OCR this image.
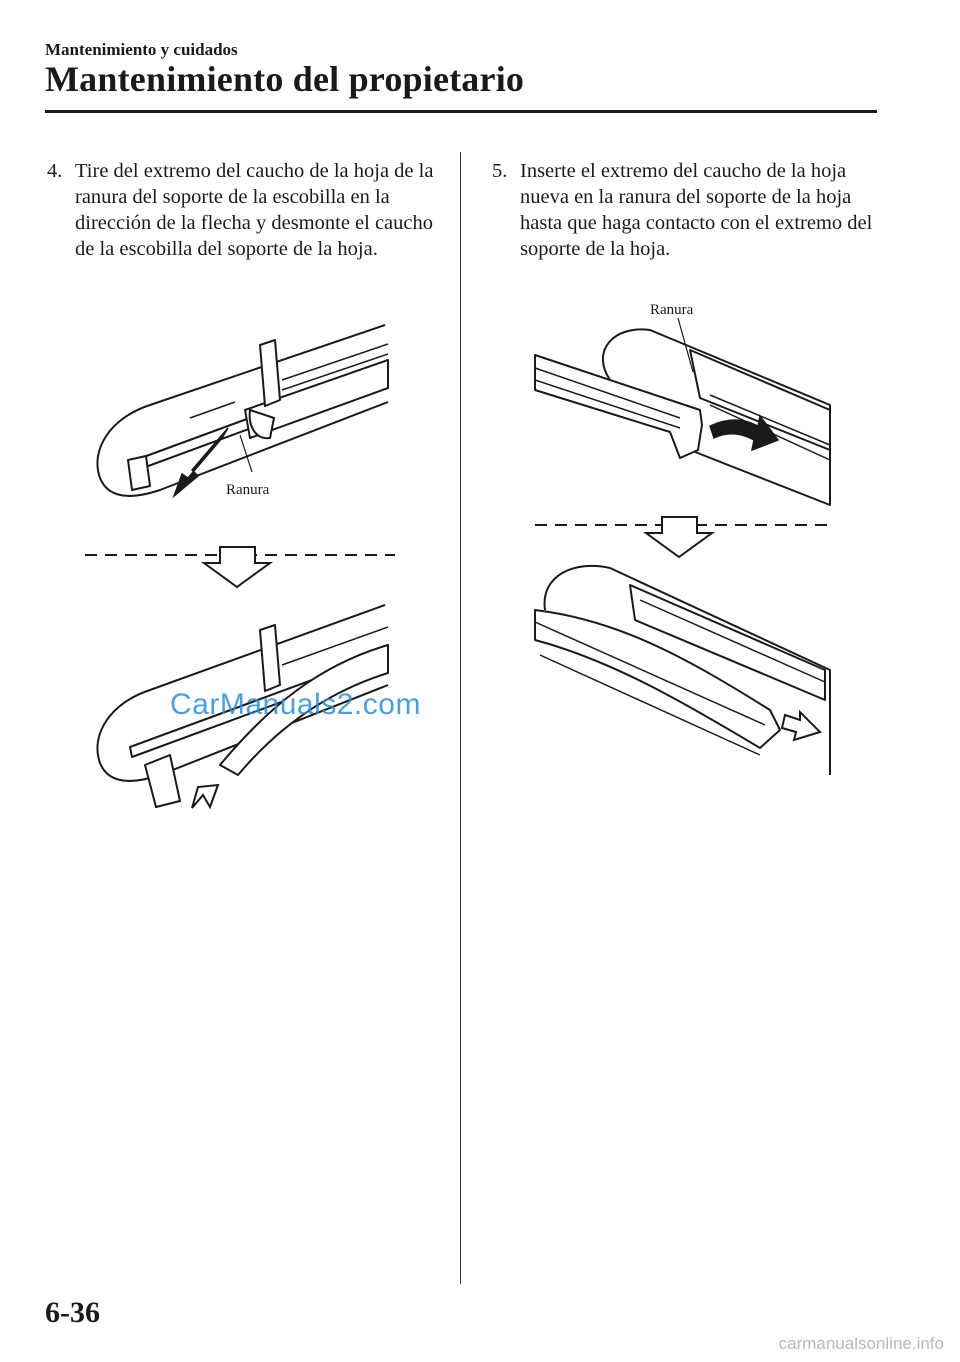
Mantenimiento y cuidados
Mantenimiento del propietario
4. Tire del extremo del caucho de la hoja de la ranura del soporte de la escobilla en la dirección de la flecha y desmonte el caucho de la escobilla del soporte de la hoja.
5. Inserte el extremo del caucho de la hoja nueva en la ranura del soporte de la hoja hasta que haga contacto con el extremo del soporte de la hoja.
Ranura
CarManuals2.com
Ranura
6-36
carmanualsonline.info
